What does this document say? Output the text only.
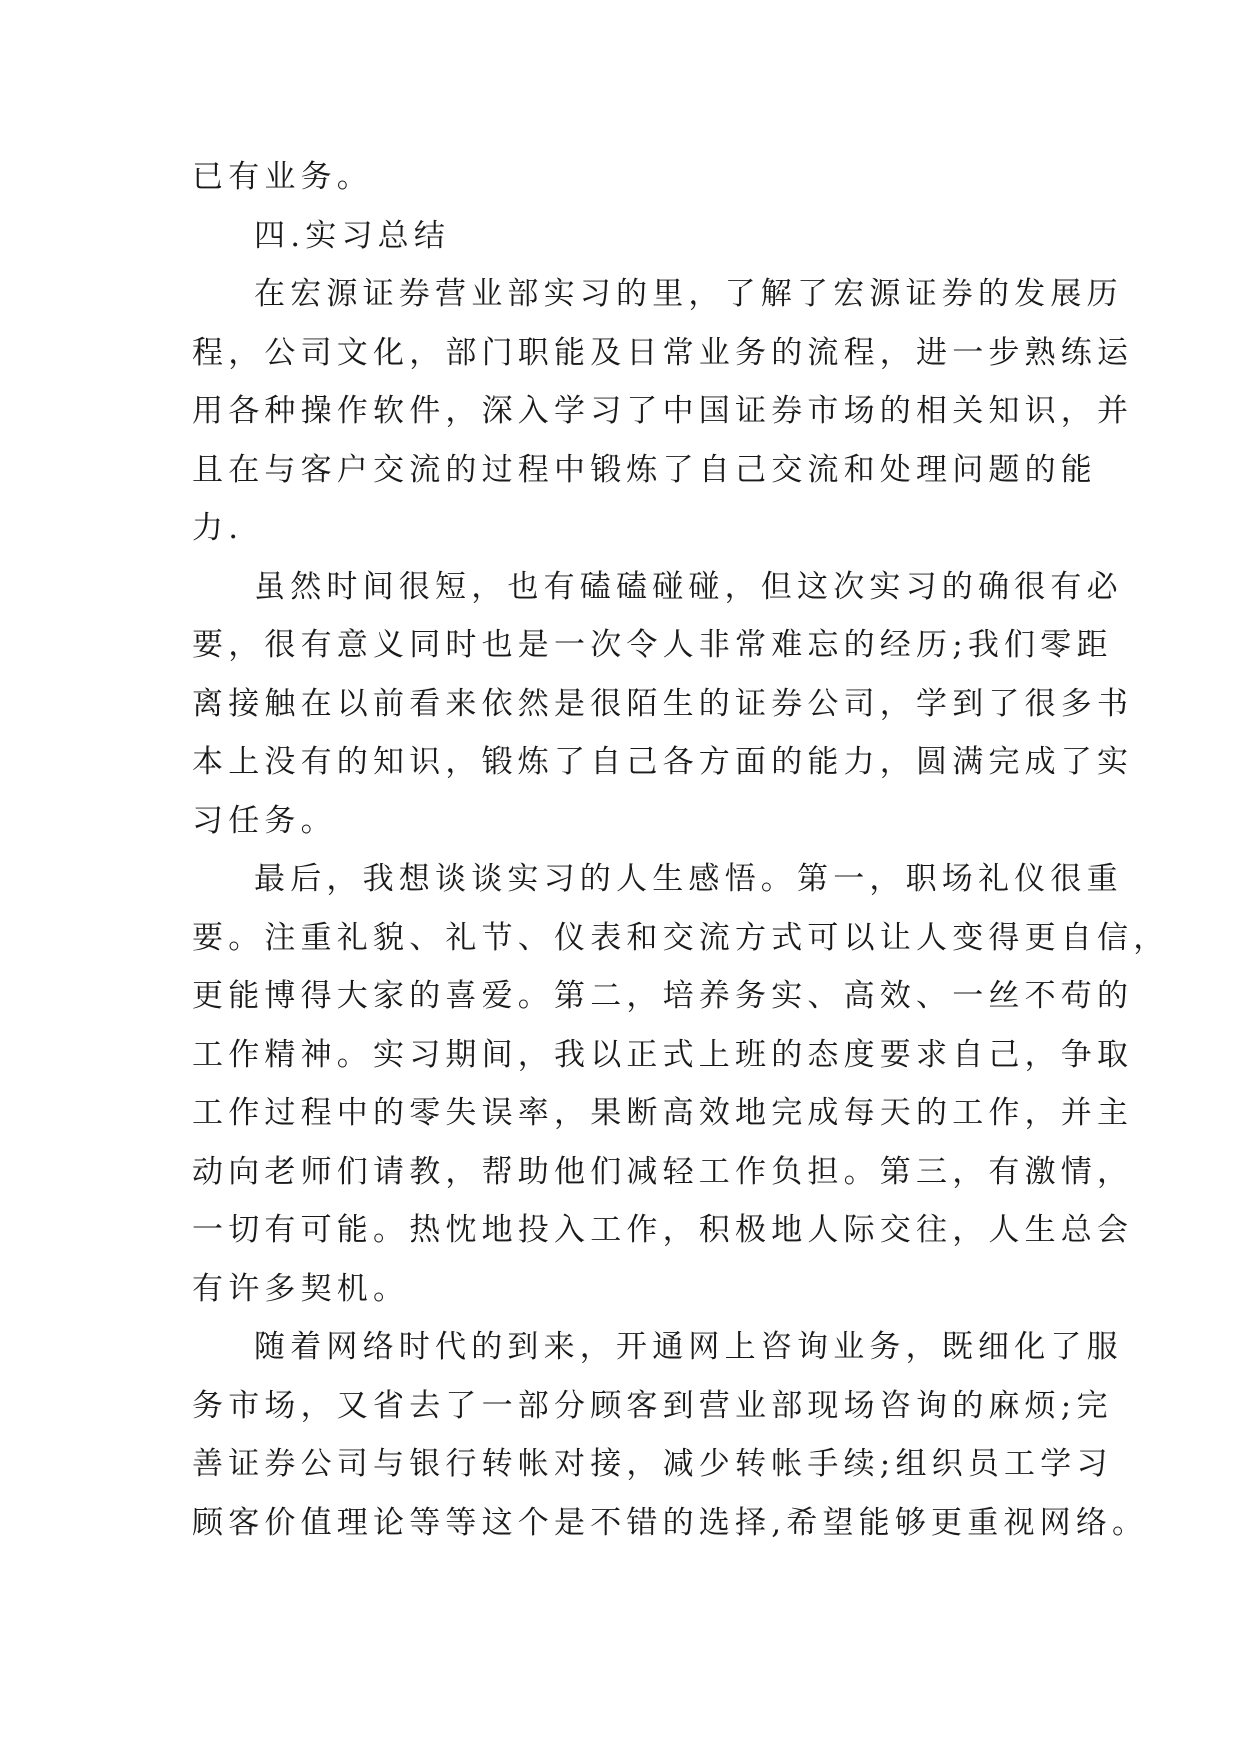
已有业务。

四.实习总结

在宏源证券营业部实习的里，了解了宏源证券的发展历
程，公司文化，部门职能及日常业务的流程，进一步熟练运
用各种操作软件，深入学习了中国证券市场的相关知识，并
且在与客户交流的过程中锻炼了自己交流和处理问题的能
力.

虽然时间很短，也有磕磕碰碰，但这次实习的确很有必
要，很有意义同时也是一次令人非常难忘的经历;我们零距
离接触在以前看来依然是很陌生的证券公司，学到了很多书
本上没有的知识，锻炼了自己各方面的能力，圆满完成了实
习任务。

最后，我想谈谈实习的人生感悟。第一，职场礼仪很重
要。注重礼貌、礼节、仪表和交流方式可以让人变得更自信，
更能博得大家的喜爱。第二，培养务实、高效、一丝不苟的
工作精神。实习期间，我以正式上班的态度要求自己，争取
工作过程中的零失误率，果断高效地完成每天的工作，并主
动向老师们请教，帮助他们减轻工作负担。第三，有激情，
一切有可能。热忱地投入工作，积极地人际交往，人生总会
有许多契机。

随着网络时代的到来，开通网上咨询业务，既细化了服
务市场，又省去了一部分顾客到营业部现场咨询的麻烦;完
善证券公司与银行转帐对接，减少转帐手续;组织员工学习
顾客价值理论等等这个是不错的选择,希望能够更重视网络。
